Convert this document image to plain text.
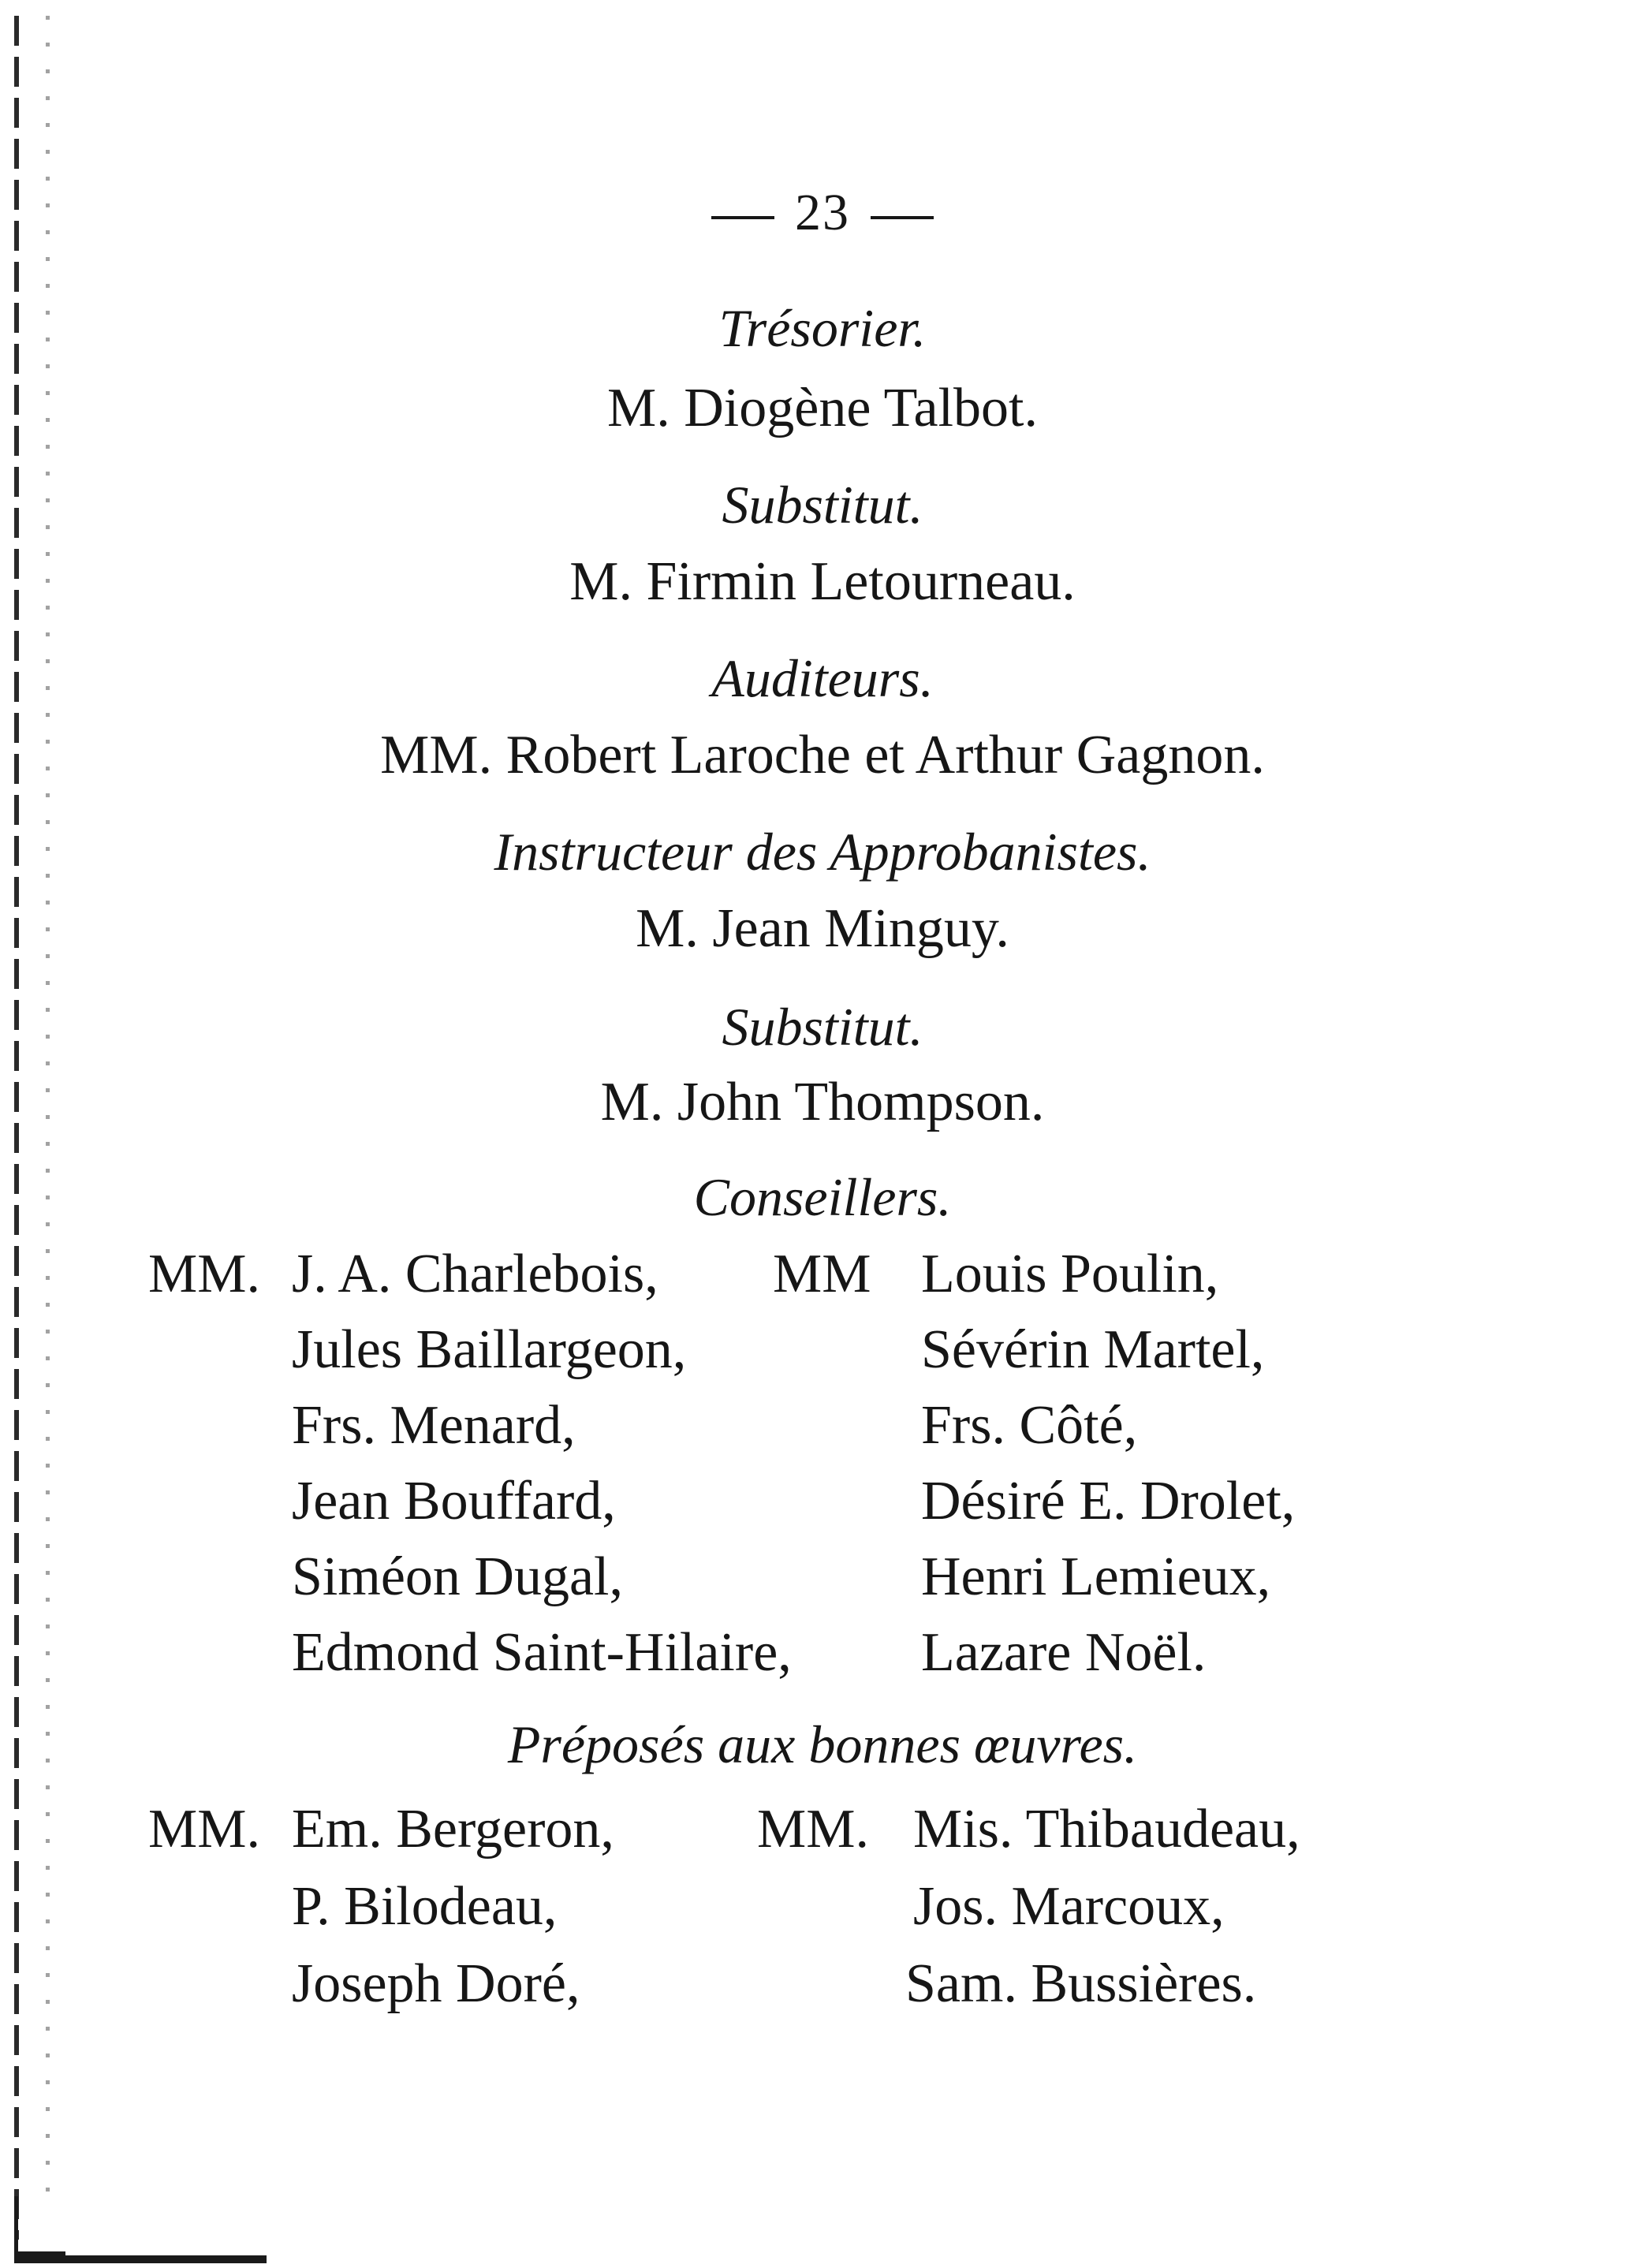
23
Trésorier.
M. Diogène Talbot.
Substitut.
M. Firmin Letourneau.
Auditeurs.
MM. Robert Laroche et Arthur Gagnon.
Instructeur des Approbanistes.
M. Jean Minguy.
Substitut.
M. John Thompson.
Conseillers.
MM.	MM
J. A. Charlebois,
Jules Baillargeon,
Frs. Menard,
Jean Bouffard,
Siméon Dugal,
Edmond Saint-Hilaire,
Louis Poulin,
Sévérin Martel,
Frs. Côté,
Désiré E. Drolet,
Henri Lemieux,
Lazare Noël.
Préposés aux bonnes œuvres.
MM.	MM.
Em. Bergeron,
P. Bilodeau,
Joseph Doré,
Mis. Thibaudeau,
Jos. Marcoux,
Sam. Bussières.
